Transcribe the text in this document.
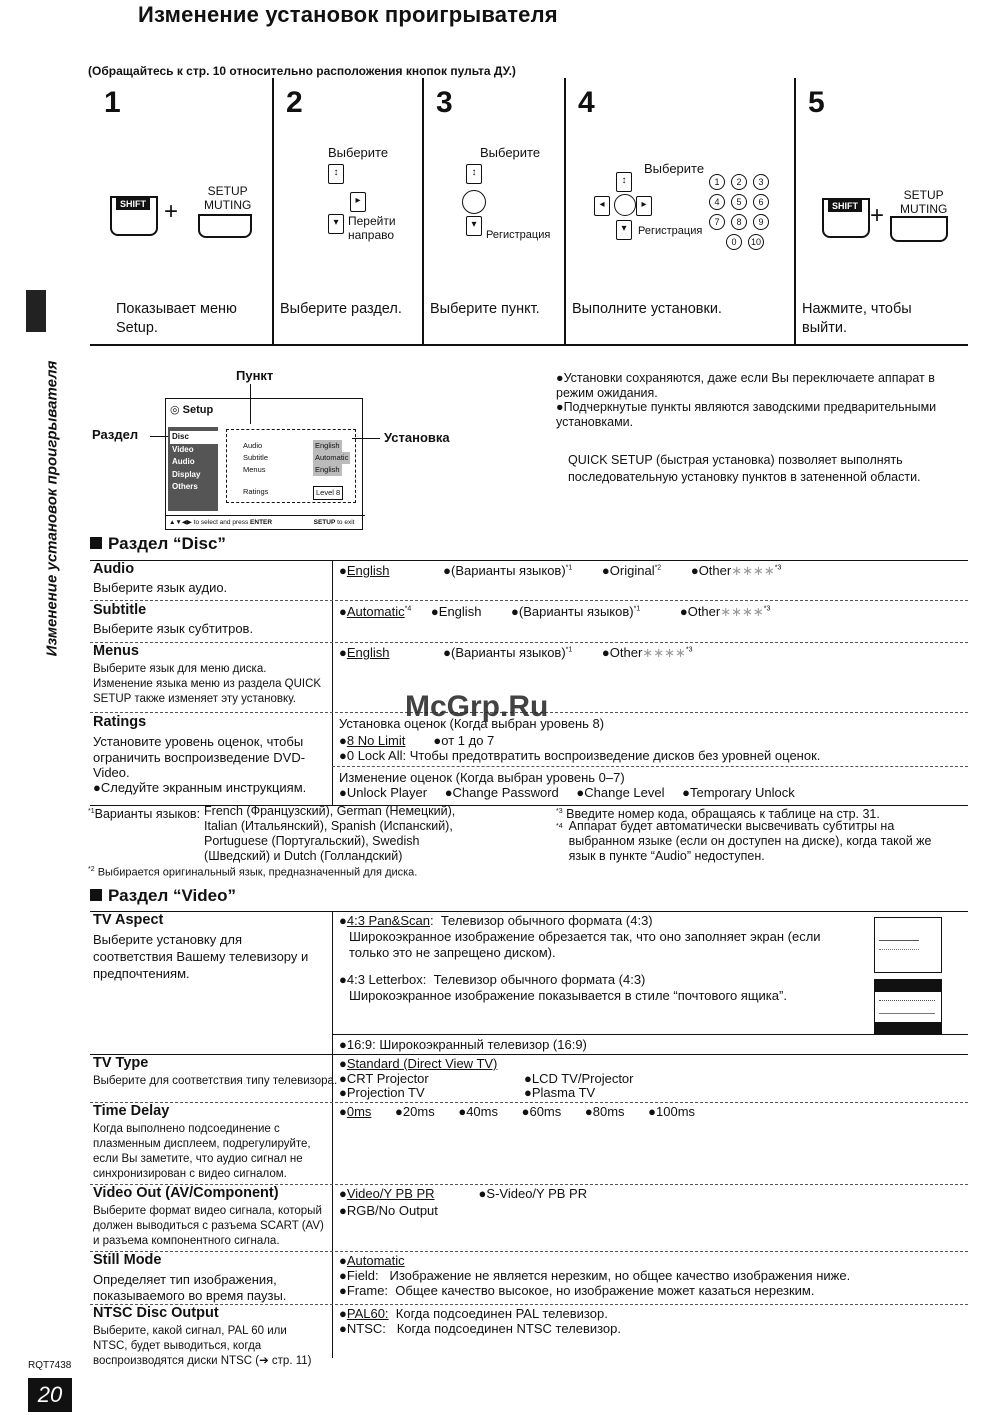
Изменение установок проигрывателя
(Обращайтесь к стр. 10 относительно расположения кнопок пульта ДУ.)
Изменение установок проигрывателя
1
SHIFT +
SETUP
MUTING
Показывает меню Setup.
2
Выберите
↕
▸
▾ Перейти
направо
Выберите раздел.
3
Выберите
↕
▾
Регистрация
Выберите пункт.
4
Выберите
↕
◂	▸
▾	Регистрация
1 2 3 4 5 6 7 8 9 0 10
Выполните установки.
5
SHIFT +
SETUP
MUTING
Нажмите, чтобы выйти.
Пункт
Раздел	Установка
◎ Setup
Disc
Video
Audio
Display
Others
Audio
Subtitle
Menus
Ratings
English
Automatic
English
Level 8
▲▼◀▶ to select and press ENTER	SETUP to exit
●Установки сохраняются, даже если Вы переключаете аппарат в режим ожидания.
●Подчеркнутые пункты являются заводскими предварительными установками.
QUICK SETUP (быстрая установка) позволяет выполнять последовательную установку пунктов в затененной области.
Раздел “Disc”
Audio
Выберите язык аудио.
●English	●(Варианты языков)$^{*1}$ ●Original$^{*2}$ ●Other∗∗∗∗$^{*3}$
Subtitle
Выберите язык субтитров.
●Automatic$^{*4}$ ●English ●(Варианты языков)$^{*1}$	●Other∗∗∗∗$^{*3}$
Menus
Выберите язык для меню диска. Изменение языка меню из раздела QUICK SETUP также изменяет эту установку.
●English	●(Варианты языков)$^{*1}$ ●Other∗∗∗∗$^{*3}$
Ratings
Установите уровень оценок, чтобы ограничить воспроизведение DVD-Video.
●Следуйте экранным инструкциям.
Установка оценок (Когда выбран уровень 8)
●8 No Limit ●от 1 до 7
●0 Lock All: Чтобы предотвратить воспроизведение дисков без уровней оценок.
Изменение оценок (Когда выбран уровень 0–7)
●Unlock Player ●Change Password ●Change Level ●Temporary Unlock
$^{*1}$Варианты языков: French (Французский), German (Немецкий), Italian (Итальянский), Spanish (Испанский), Portuguese (Португальский), Swedish (Шведский) и Dutch (Голландский)
$^{*2}$ Выбирается оригинальный язык, предназначенный для диска.
$^{*3}$ Введите номер кода, обращаясь к таблице на стр. 31.
*4 Аппарат будет автоматически высвечивать субтитры на выбранном языке (если он доступен на диске), когда такой же язык в пункте “Audio” недоступен.
Раздел “Video”
TV Aspect
Выберите установку для соответствия Вашему телевизору и предпочтениям.
●4:3 Pan&Scan:  Телевизор обычного формата (4:3)
Широкоэкранное изображение обрезается так, что оно заполняет экран (если только это не запрещено диском).
●4:3 Letterbox:  Телевизор обычного формата (4:3)
Широкоэкранное изображение показывается в стиле “почтового ящика”.
●16:9: Широкоэкранный телевизор (16:9)
TV Type
Выберите для соответствия типу телевизора.
●Standard (Direct View TV)
●CRT Projector	●LCD TV/Projector
●Projection TV	●Plasma TV
Time Delay
Когда выполнено подсоединение с плазменным дисплеем, подрегулируйте, если Вы заметите, что аудио сигнал не синхронизирован с видео сигналом.
●0ms ●20ms ●40ms ●60ms ●80ms ●100ms
Video Out (AV/Component)
Выберите формат видео сигнала, который должен выводиться с разъема SCART (AV) и разъема компонентного сигнала.
●Video/Y PB PR	●S-Video/Y PB PR
●RGB/No Output
Still Mode
Определяет тип изображения, показываемого во время паузы.
●Automatic
●Field: Изображение не является нерезким, но общее качество изображения ниже.
●Frame: Общее качество высокое, но изображение может казаться нерезким.
NTSC Disc Output
Выберите, какой сигнал, PAL 60 или NTSC, будет выводиться, когда воспроизводятся диски NTSC (➔ стр. 11)
●PAL60: Когда подсоединен PAL телевизор.
●NTSC: Когда подсоединен NTSC телевизор.
McGrp.Ru
RQT7438
20
